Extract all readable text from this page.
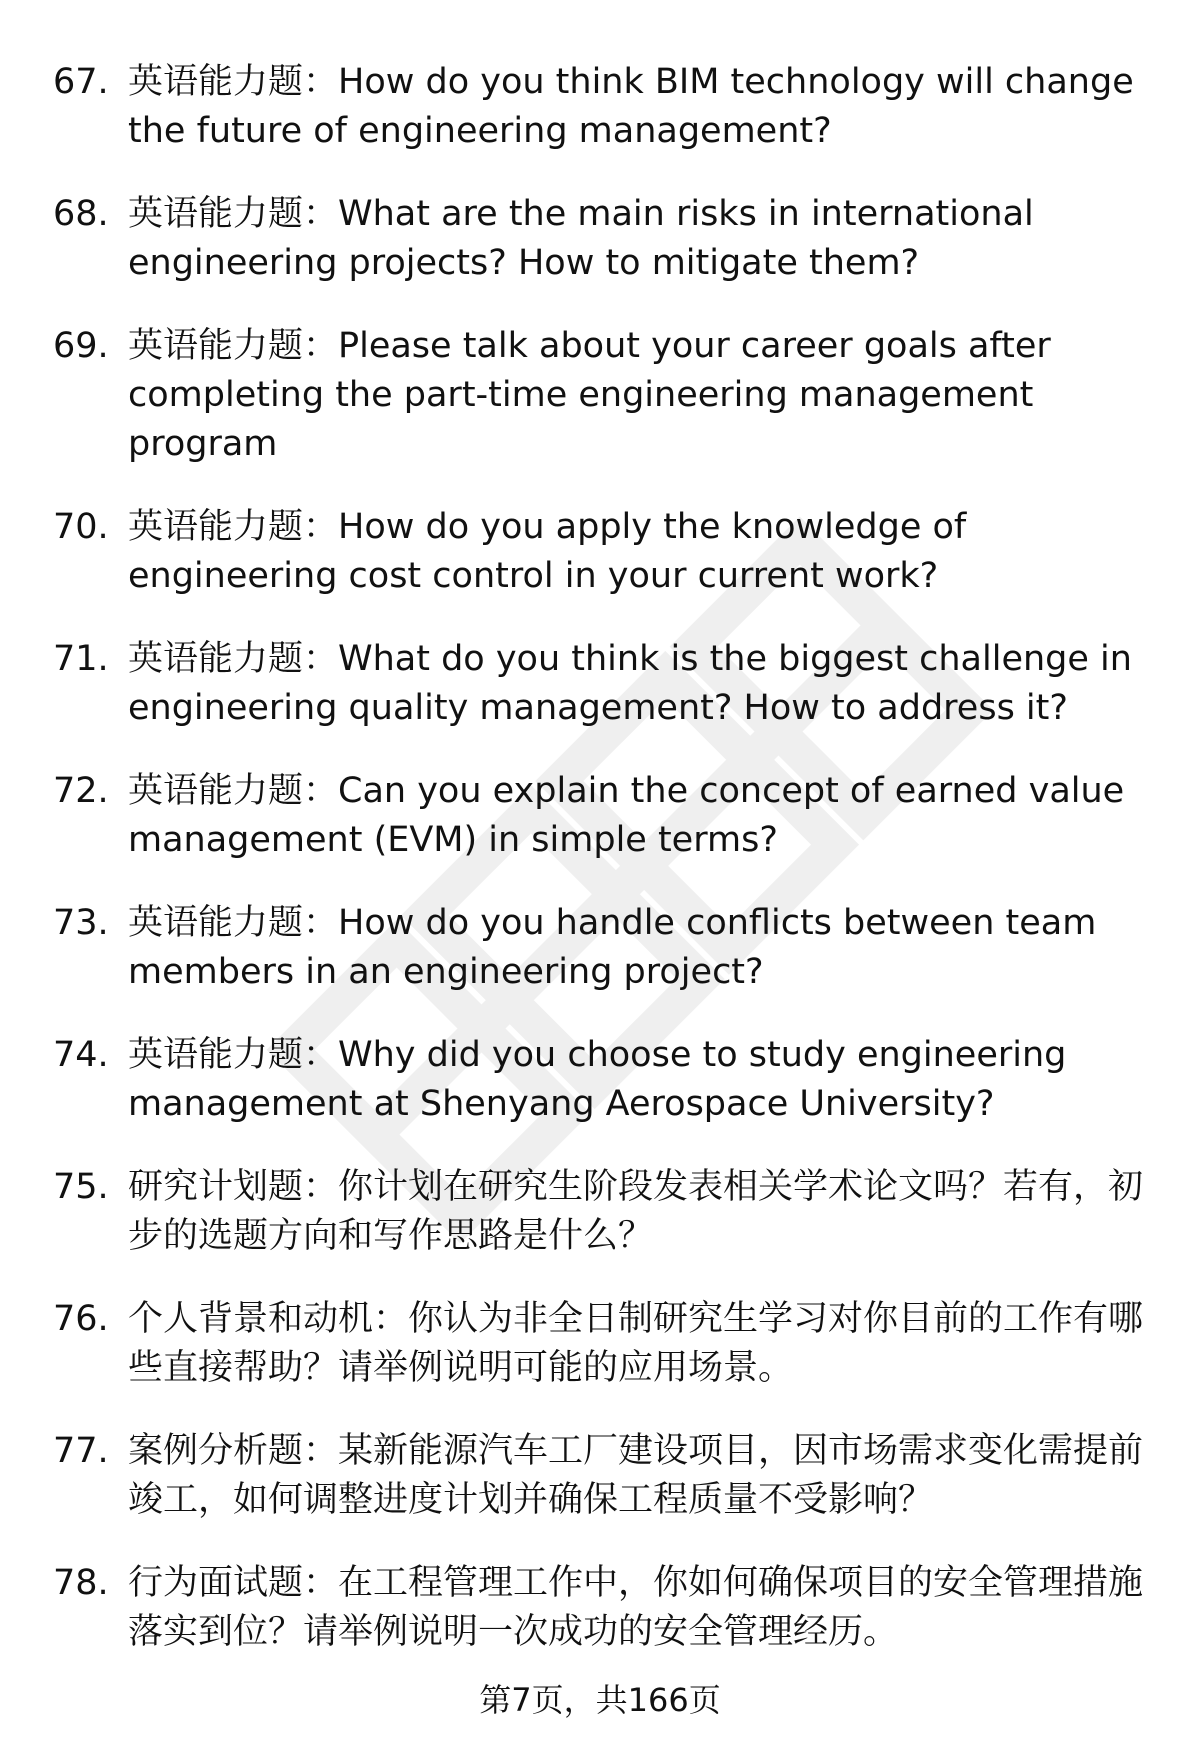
67. 英语能力题：How do you think BIM technology will change the future of engineering management?
68. 英语能力题：What are the main risks in international engineering projects? How to mitigate them?
69. 英语能力题：Please talk about your career goals after completing the part-time engineering management program
70. 英语能力题：How do you apply the knowledge of engineering cost control in your current work?
71. 英语能力题：What do you think is the biggest challenge in engineering quality management? How to address it?
72. 英语能力题：Can you explain the concept of earned value management (EVM) in simple terms?
73. 英语能力题：How do you handle conflicts between team members in an engineering project?
74. 英语能力题：Why did you choose to study engineering management at Shenyang Aerospace University?
75. 研究计划题：你计划在研究生阶段发表相关学术论文吗？若有，初步的选题方向和写作思路是什么？
76. 个人背景和动机：你认为非全日制研究生学习对你目前的工作有哪些直接帮助？请举例说明可能的应用场景。
77. 案例分析题：某新能源汽车工厂建设项目，因市场需求变化需提前竣工，如何调整进度计划并确保工程质量不受影响？
78. 行为面试题：在工程管理工作中，你如何确保项目的安全管理措施落实到位？请举例说明一次成功的安全管理经历。
第7页，共166页
